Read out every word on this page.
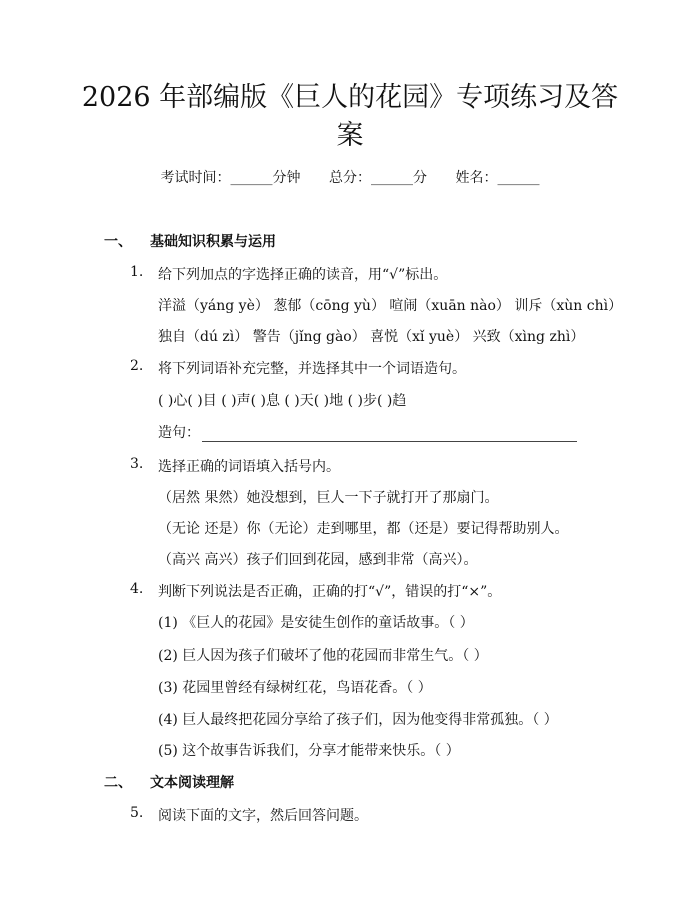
2026 年部编版《巨人的花园》专项练习及答
案
考试时间：______分钟 总分：______分 姓名：______
一、 基础知识积累与运用
1. 给下列加点的字选择正确的读音，用“√”标出。
洋溢（yáng yè） 葱郁（cōng yù） 喧闹（xuān nào） 训斥（xùn chì）
独自（dú zì） 警告（jǐng gào） 喜悦（xǐ yuè） 兴致（xìng zhì）
2. 将下列词语补充完整，并选择其中一个词语造句。
( )心( )目 ( )声( )息 ( )天( )地 ( )步( )趋
造句：
3. 选择正确的词语填入括号内。
（居然 果然）她没想到，巨人一下子就打开了那扇门。
（无论 还是）你（无论）走到哪里，都（还是）要记得帮助别人。
（高兴 高兴）孩子们回到花园，感到非常（高兴）。
4. 判断下列说法是否正确，正确的打“√”，错误的打“×”。
(1) 《巨人的花园》是安徒生创作的童话故事。（ ）
(2) 巨人因为孩子们破坏了他的花园而非常生气。（ ）
(3) 花园里曾经有绿树红花，鸟语花香。（ ）
(4) 巨人最终把花园分享给了孩子们，因为他变得非常孤独。（ ）
(5) 这个故事告诉我们，分享才能带来快乐。（ ）
二、 文本阅读理解
5. 阅读下面的文字，然后回答问题。
